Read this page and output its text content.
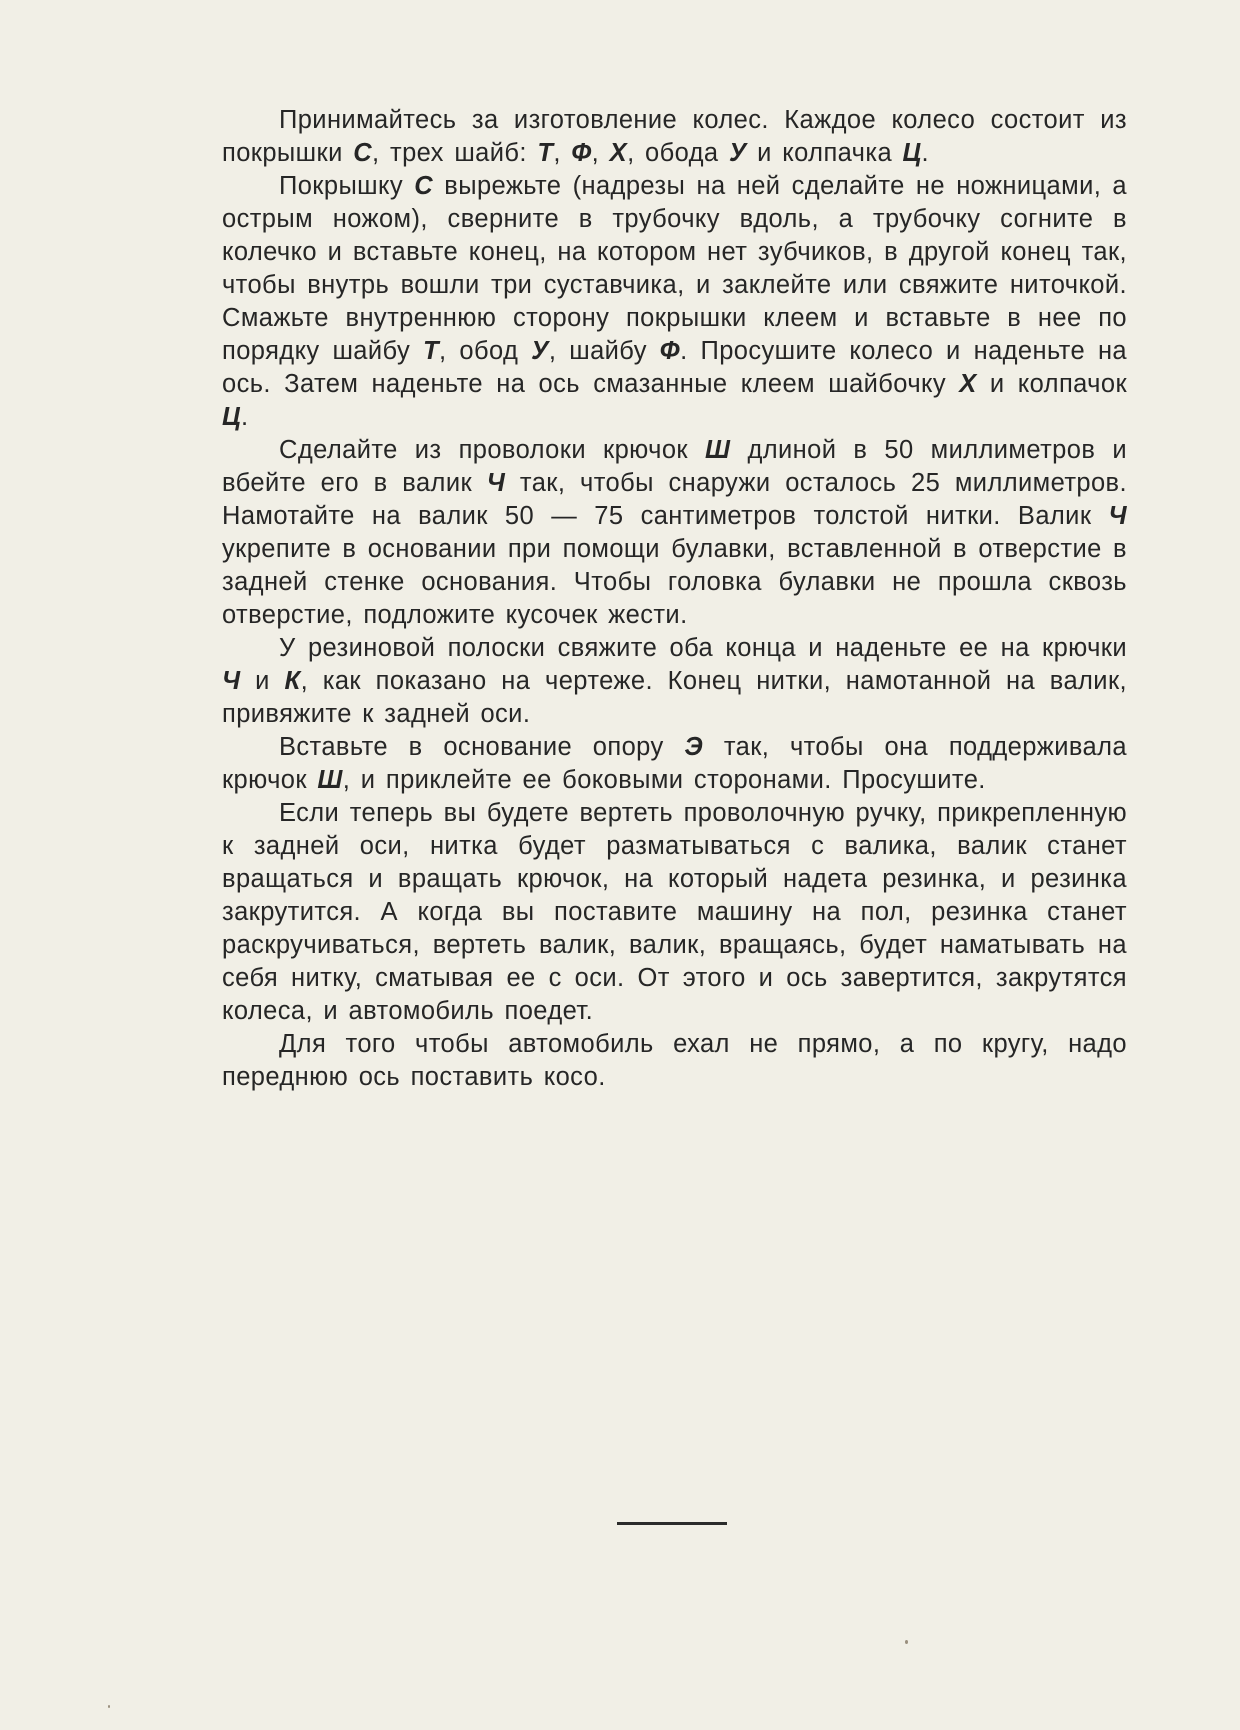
Принимайтесь за изготовление колес. Каждое колесо состоит из покрышки С, трех шайб: Т, Ф, Х, обода У и колпачка Ц.

Покрышку С вырежьте (надрезы на ней сделайте не ножницами, а острым ножом), сверните в трубочку вдоль, а трубочку согните в колечко и вставьте конец, на котором нет зубчиков, в другой конец так, чтобы внутрь вошли три суставчика, и заклейте или свяжите ниточкой. Смажьте внутреннюю сторону покрышки клеем и вставьте в нее по порядку шайбу Т, обод У, шайбу Ф. Просушите колесо и наденьте на ось. Затем наденьте на ось смазанные клеем шайбочку Х и колпачок Ц.

Сделайте из проволоки крючок Ш длиной в 50 миллиметров и вбейте его в валик Ч так, чтобы снаружи осталось 25 миллиметров. Намотайте на валик 50 — 75 сантиметров толстой нитки. Валик Ч укрепите в основании при помощи булавки, вставленной в отверстие в задней стенке основания. Чтобы головка булавки не прошла сквозь отверстие, подложите кусочек жести.

У резиновой полоски свяжите оба конца и наденьте ее на крючки Ч и К, как показано на чертеже. Конец нитки, намотанной на валик, привяжите к задней оси.

Вставьте в основание опору Э так, чтобы она поддерживала крючок Ш, и приклейте ее боковыми сторонами. Просушите.

Если теперь вы будете вертеть проволочную ручку, прикрепленную к задней оси, нитка будет разматываться с валика, валик станет вращаться и вращать крючок, на который надета резинка, и резинка закрутится. А когда вы поставите машину на пол, резинка станет раскручиваться, вертеть валик, валик, вращаясь, будет наматывать на себя нитку, сматывая ее с оси. От этого и ось завертится, закрутятся колеса, и автомобиль поедет.

Для того чтобы автомобиль ехал не прямо, а по кругу, надо переднюю ось поставить косо.
